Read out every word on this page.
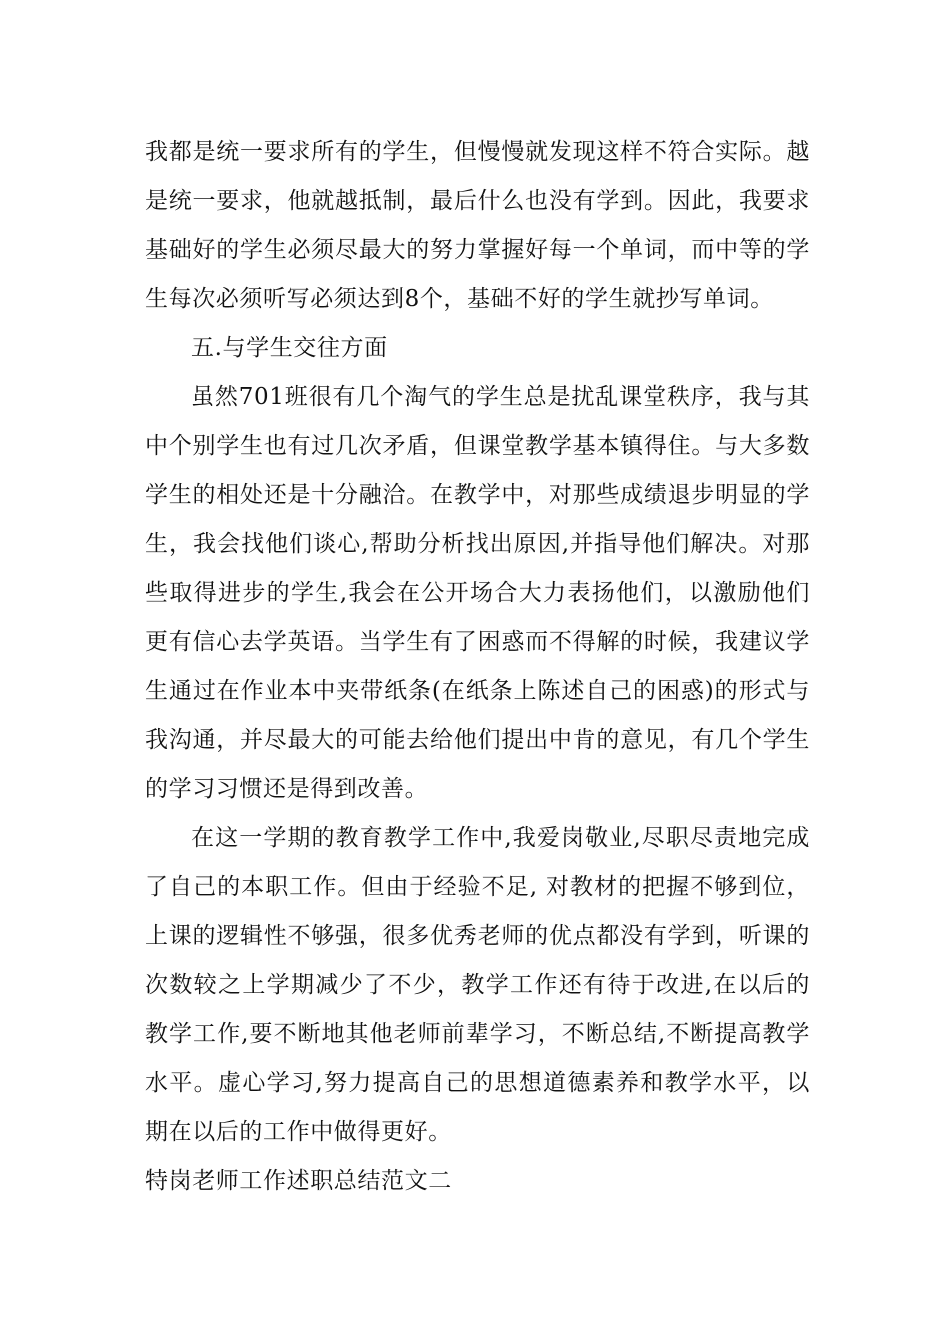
我都是统一要求所有的学生，但慢慢就发现这样不符合实际。越是统一要求，他就越抵制，最后什么也没有学到。因此，我要求基础好的学生必须尽最大的努力掌握好每一个单词，而中等的学生每次必须听写必须达到8个，基础不好的学生就抄写单词。

五.与学生交往方面

虽然701班很有几个淘气的学生总是扰乱课堂秩序，我与其中个别学生也有过几次矛盾，但课堂教学基本镇得住。与大多数学生的相处还是十分融洽。在教学中，对那些成绩退步明显的学生，我会找他们谈心,帮助分析找出原因,并指导他们解决。对那些取得进步的学生,我会在公开场合大力表扬他们，以激励他们更有信心去学英语。当学生有了困惑而不得解的时候，我建议学生通过在作业本中夹带纸条(在纸条上陈述自己的困惑)的形式与我沟通，并尽最大的可能去给他们提出中肯的意见，有几个学生的学习习惯还是得到改善。

在这一学期的教育教学工作中,我爱岗敬业,尽职尽责地完成了自己的本职工作。但由于经验不足, 对教材的把握不够到位，上课的逻辑性不够强，很多优秀老师的优点都没有学到，听课的次数较之上学期减少了不少，教学工作还有待于改进,在以后的教学工作,要不断地其他老师前辈学习，不断总结,不断提高教学水平。虚心学习,努力提高自己的思想道德素养和教学水平，以期在以后的工作中做得更好。

特岗老师工作述职总结范文二
